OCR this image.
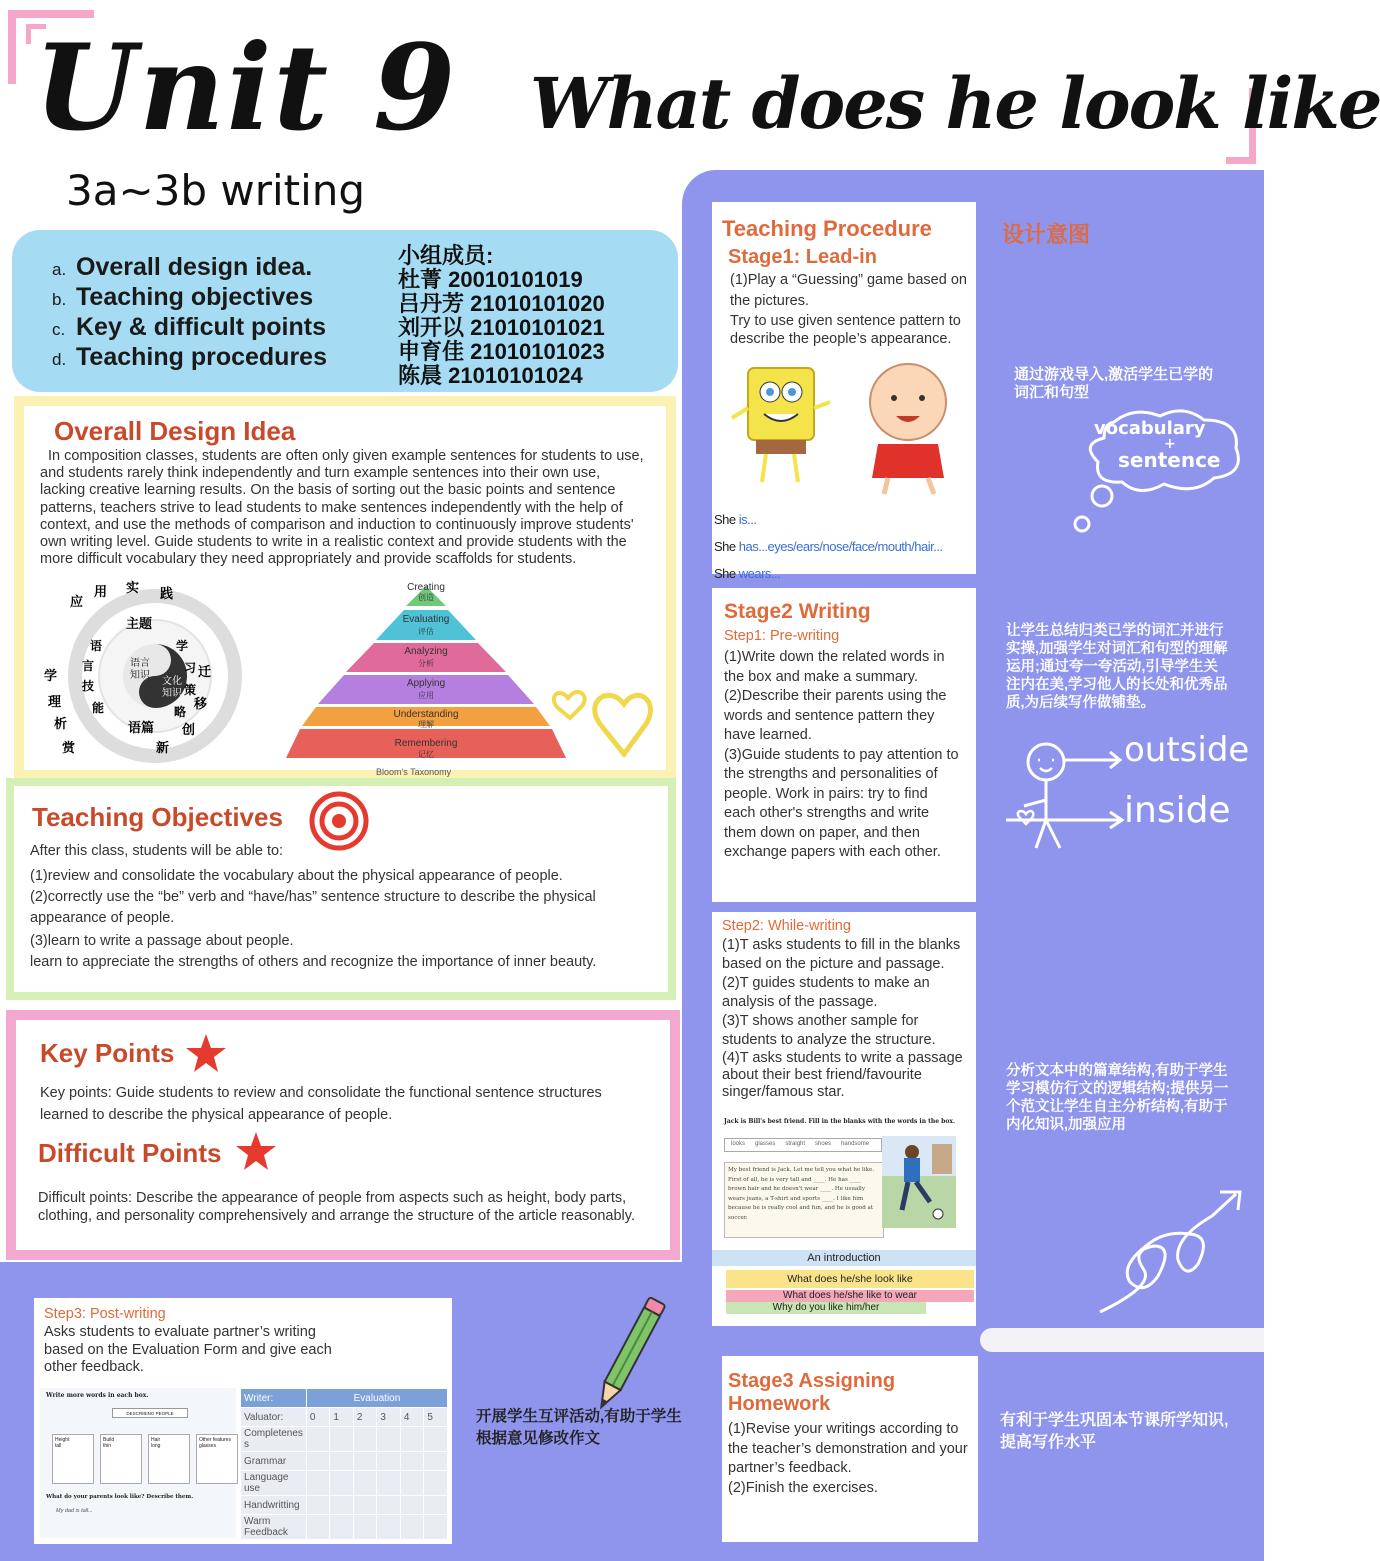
Unit 9 What does he look like
3a~3b writing
a. Overall design idea.
b. Teaching objectives
c. Key & difficult points
d. Teaching procedures
小组成员:
杜菁 20010101019
吕丹芳 21010101020
刘开以 21010101021
申育佳 21010101023
陈晨 21010101024
Overall Design Idea
In composition classes, students are often only given example sentences for students to use, and students rarely think independently and turn example sentences into their own use, lacking creative learning results. On the basis of sorting out the basic points and sentence patterns, teachers strive to lead students to make sentences independently with the help of context, and use the methods of comparison and induction to continuously improve students' own writing level. Guide students to write in a realistic context and provide students with the more difficult vocabulary they need appropriately and provide scaffolds for students.
应
用 实 践
迁
移
创
新
赏
析
理
学
主题
语	学
习
策
略
语篇
能
技
言	语言
知识
文化
知识
Creating
Evaluating
Analyzing
Applying
Understanding
Remembering
创造
评估
分析
应用
理解
记忆
Bloom's Taxonomy
Teaching Objectives
After this class, students will be able to:
(1)review and consolidate the vocabulary about the physical appearance of people.
(2)correctly use the “be” verb and “have/has” sentence structure to describe the physical appearance of people.
(3)learn to write a passage about people.
learn to appreciate the strengths of others and recognize the importance of inner beauty.
Key Points
Key points: Guide students to review and consolidate the functional sentence structures learned to describe the physical appearance of people.
Difficult Points
Difficult points: Describe the appearance of people from aspects such as height, body parts, clothing, and personality comprehensively and arrange the structure of the article reasonably.
Teaching Procedure
Stage1: Lead-in
(1)Play a “Guessing” game based on the pictures.
Try to use given sentence pattern to describe the people’s appearance.
She is...
She has...eyes/ears/nose/face/mouth/hair...
She wears...
设计意图
通过游戏导入,激活学生已学的词汇和句型
vocabulary
+
sentence
Stage2 Writing
Step1: Pre-writing
(1)Write down the related words in the box and make a summary.
(2)Describe their parents using the words and sentence pattern they have learned.
(3)Guide students to pay attention to the strengths and personalities of people. Work in pairs: try to find each other's strengths and write them down on paper, and then exchange papers with each other.
让学生总结归类已学的词汇并进行实操,加强学生对词汇和句型的理解运用;通过夸一夸活动,引导学生关注内在美,学习他人的长处和优秀品质,为后续写作做铺垫。
outside
inside
Step2: While-writing
(1)T asks students to fill in the blanks based on the picture and passage.
(2)T guides students to make an analysis of the passage.
(3)T shows another sample for students to analyze the structure.
(4)T asks students to write a passage about their best friend/favourite singer/famous star.
Jack is Bill's best friend. Fill in the blanks with the words in the box.
looks glasses straight shoes handsome
My best friend is Jack. Let me tell you what he like. First of all, he is very tall and ____. He has ____ brown hair and he doesn't wear ____. He usually wears jeans, a T-shirt and sports ____. I like him because he is really cool and fun, and he is good at soccer.
An introduction
What does he/she look like
What does he/she like to wear
Why do you like him/her
分析文本中的篇章结构,有助于学生学习模仿行文的逻辑结构;提供另一个范文让学生自主分析结构,有助于内化知识,加强应用
Stage3 Assigning Homework
(1)Revise your writings according to the teacher’s demonstration and your partner’s feedback.
(2)Finish the exercises.
有利于学生巩固本节课所学知识,提高写作水平
Step3: Post-writing
Asks students to evaluate partner’s writing based on the Evaluation Form and give each other feedback.
Write more words in each box.
DESCRIBING PEOPLE
Height
tall
Build
thin
Hair
long
Other features
glasses
What do your parents look like? Describe them.
My dad is tall...
Writer:	Evaluation					
Valuator:	0	1	2	3	4	5
Completenes s						
Grammar						
Language use						
Handwritting						
Warm Feedback						
开展学生互评活动,有助于学生根据意见修改作文
